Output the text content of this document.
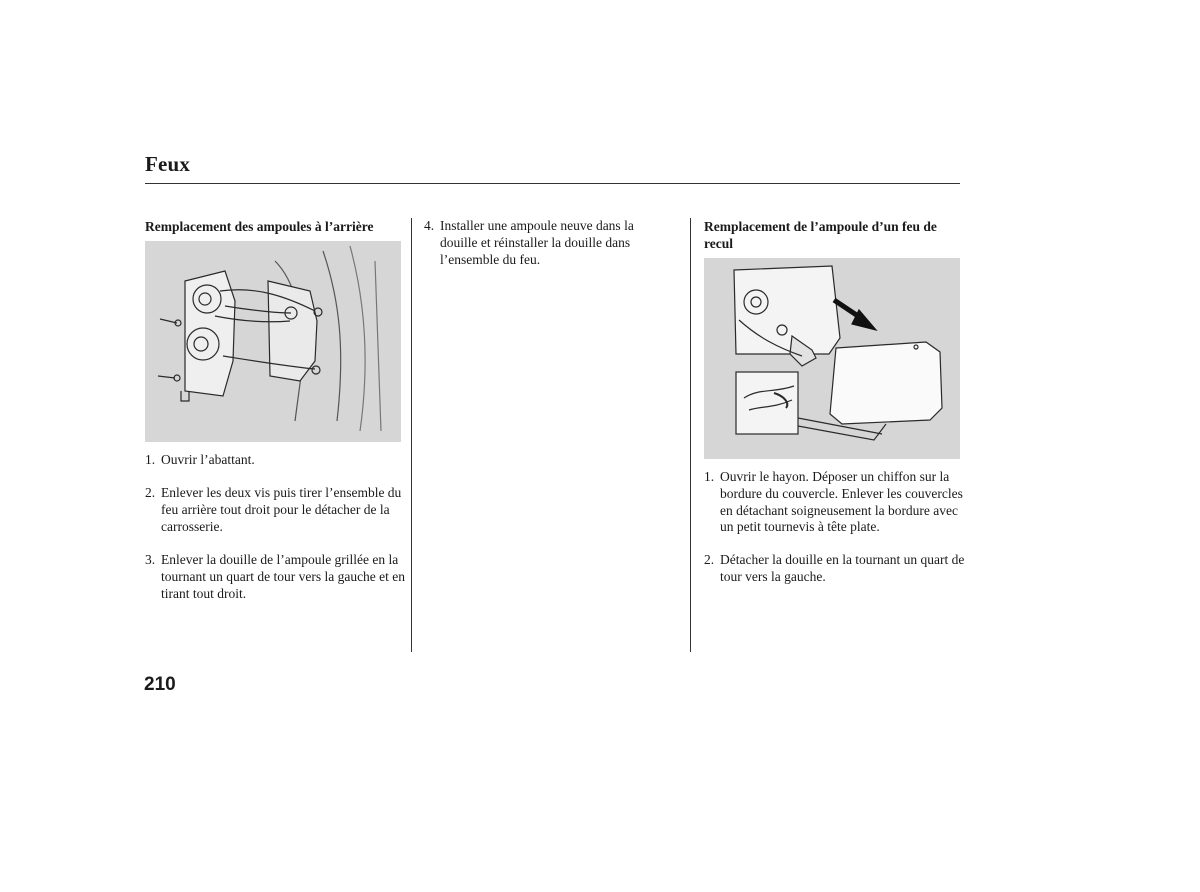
Feux
Remplacement des ampoules à l’arrière
1. Ouvrir l’abattant.
2. Enlever les deux vis puis tirer l’ensemble du feu arrière tout droit pour le détacher de la carrosserie.
3. Enlever la douille de l’ampoule grillée en la tournant un quart de tour vers la gauche et en tirant tout droit.
4. Installer une ampoule neuve dans la douille et réinstaller la douille dans l’ensemble du feu.
Remplacement de l’ampoule d’un feu de recul
1. Ouvrir le hayon. Déposer un chiffon sur la bordure du couvercle. Enlever les couvercles en détachant soigneusement la bordure avec un petit tournevis à tête plate.
2. Détacher la douille en la tournant un quart de tour vers la gauche.
210
